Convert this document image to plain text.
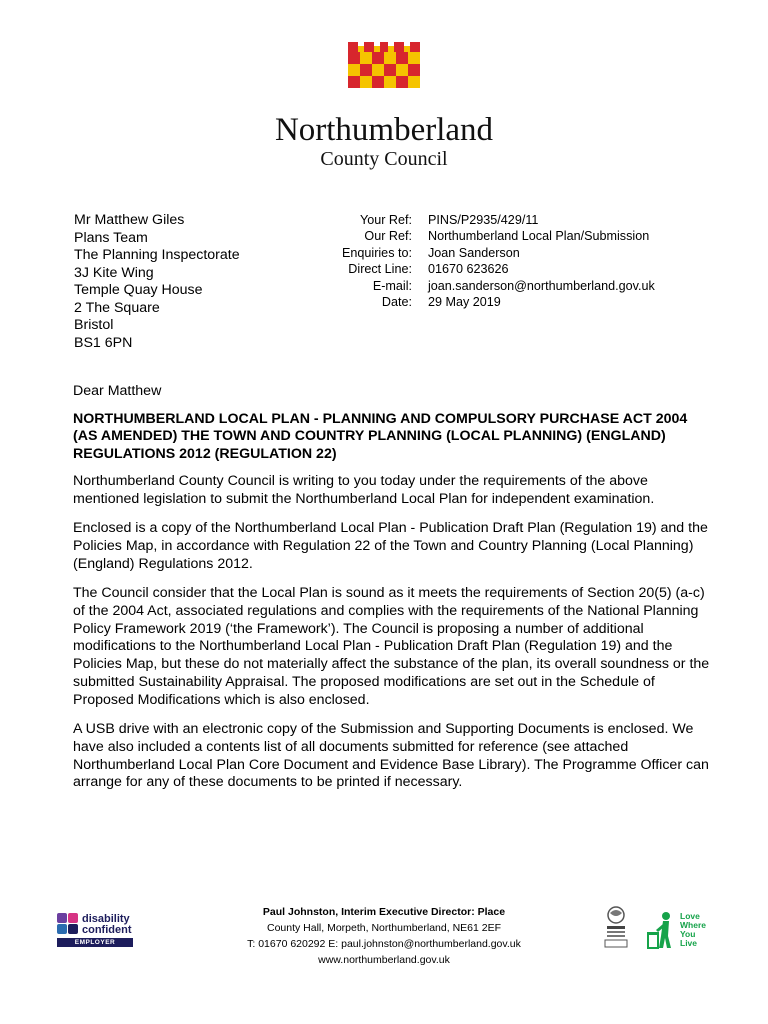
Northumberland
County Council
Mr Matthew Giles
Plans Team
The Planning Inspectorate
3J Kite Wing
Temple Quay House
2 The Square
Bristol
BS1 6PN
Your Ref:	PINS/P2935/429/11
Our Ref:	Northumberland Local Plan/Submission
Enquiries to:	Joan Sanderson
Direct Line:	01670 623626
E-mail:	joan.sanderson@northumberland.gov.uk
Date:	29 May 2019

Dear Matthew

NORTHUMBERLAND LOCAL PLAN - PLANNING AND COMPULSORY PURCHASE ACT 2004 (AS AMENDED) THE TOWN AND COUNTRY PLANNING (LOCAL PLANNING) (ENGLAND) REGULATIONS 2012 (REGULATION 22)

Northumberland County Council is writing to you today under the requirements of the above mentioned legislation to submit the Northumberland Local Plan for independent examination.

Enclosed is a copy of the Northumberland Local Plan - Publication Draft Plan (Regulation 19) and the Policies Map, in accordance with Regulation 22 of the Town and Country Planning (Local Planning) (England) Regulations 2012.

The Council consider that the Local Plan is sound as it meets the requirements of Section 20(5) (a-c) of the 2004 Act, associated regulations and complies with the requirements of the National Planning Policy Framework 2019 (‘the Framework’). The Council is proposing a number of additional modifications to the Northumberland Local Plan - Publication Draft Plan (Regulation 19) and the Policies Map, but these do not materially affect the substance of the plan, its overall soundness or the submitted Sustainability Appraisal. The proposed modifications are set out in the Schedule of Proposed Modifications which is also enclosed.

A USB drive with an electronic copy of the Submission and Supporting Documents is enclosed. We have also included a contents list of all documents submitted for reference (see attached Northumberland Local Plan Core Document and Evidence Base Library). The Programme Officer can arrange for any of these documents to be printed if necessary.

disability
confident
EMPLOYER
Paul Johnston, Interim Executive Director: Place
County Hall, Morpeth, Northumberland, NE61 2EF
T: 01670 620292 E: paul.johnston@northumberland.gov.uk
www.northumberland.gov.uk
Love
Where
You
Live
